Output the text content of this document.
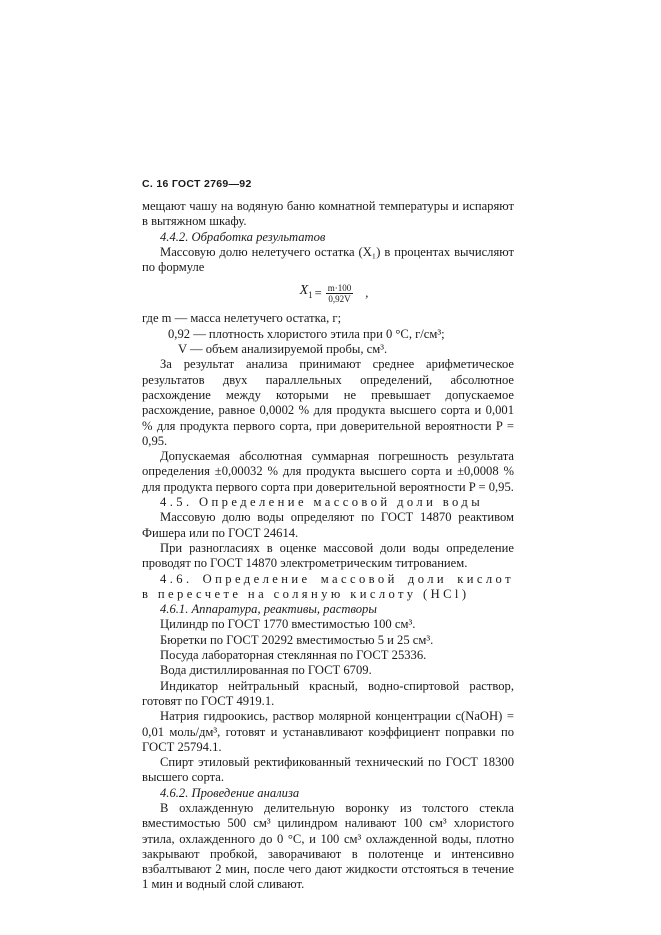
С. 16 ГОСТ 2769—92

мещают чашу на водяную баню комнатной температуры и испаряют в вытяжном шкафу.

4.4.2. Обработка результатов

Массовую долю нелетучего остатка (X₁) в процентах вычисляют по формуле

$X_1 = \frac{m\cdot 100}{0,92V}$ ,

где m — масса нелетучего остатка, г;
0,92 — плотность хлористого этила при 0 °С, г/см³;
V — объем анализируемой пробы, см³.

За результат анализа принимают среднее арифметическое результатов двух параллельных определений, абсолютное расхождение между которыми не превышает допускаемое расхождение, равное 0,0002 % для продукта высшего сорта и 0,001 % для продукта первого сорта, при доверительной вероятности P = 0,95.

Допускаемая абсолютная суммарная погрешность результата определения ±0,00032 % для продукта высшего сорта и ±0,0008 % для продукта первого сорта при доверительной вероятности P = 0,95.

4.5. Определение массовой доли воды

Массовую долю воды определяют по ГОСТ 14870 реактивом Фишера или по ГОСТ 24614.

При разногласиях в оценке массовой доли воды определение проводят по ГОСТ 14870 электрометрическим титрованием.

4.6. Определение массовой доли кислот в пересчете на соляную кислоту (HCl)

4.6.1. Аппаратура, реактивы, растворы

Цилиндр по ГОСТ 1770 вместимостью 100 см³.

Бюретки по ГОСТ 20292 вместимостью 5 и 25 см³.

Посуда лабораторная стеклянная по ГОСТ 25336.

Вода дистиллированная по ГОСТ 6709.

Индикатор нейтральный красный, водно-спиртовой раствор, готовят по ГОСТ 4919.1.

Натрия гидроокись, раствор молярной концентрации c(NaOH) = 0,01 моль/дм³, готовят и устанавливают коэффициент поправки по ГОСТ 25794.1.

Спирт этиловый ректификованный технический по ГОСТ 18300 высшего сорта.

4.6.2. Проведение анализа

В охлажденную делительную воронку из толстого стекла вместимостью 500 см³ цилиндром наливают 100 см³ хлористого этила, охлажденного до 0 °С, и 100 см³ охлажденной воды, плотно закрывают пробкой, заворачивают в полотенце и интенсивно взбалтывают 2 мин, после чего дают жидкости отстояться в течение 1 мин и водный слой сливают.
